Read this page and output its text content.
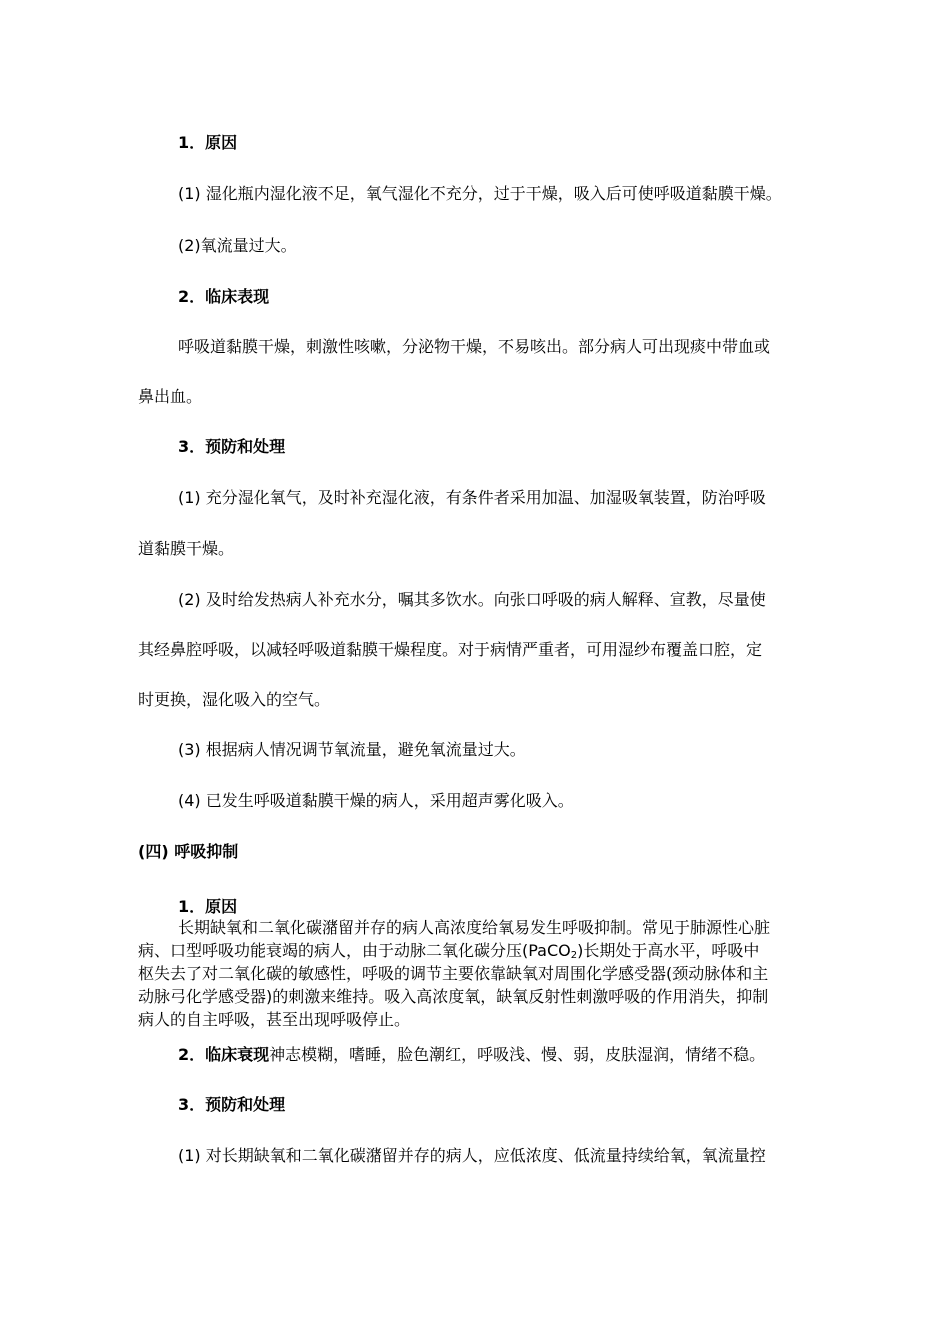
1．原因

(1) 湿化瓶内湿化液不足，氧气湿化不充分，过于干燥，吸入后可使呼吸道黏膜干燥。

(2)氧流量过大。

2．临床表现

呼吸道黏膜干燥，刺激性咳嗽，分泌物干燥，不易咳出。部分病人可出现痰中带血或

鼻出血。

3．预防和处理

(1) 充分湿化氧气，及时补充湿化液，有条件者采用加温、加湿吸氧装置，防治呼吸

道黏膜干燥。

(2) 及时给发热病人补充水分，嘱其多饮水。向张口呼吸的病人解释、宣教，尽量使

其经鼻腔呼吸，以减轻呼吸道黏膜干燥程度。对于病情严重者，可用湿纱布覆盖口腔，定

时更换，湿化吸入的空气。

(3) 根据病人情况调节氧流量，避免氧流量过大。

(4) 已发生呼吸道黏膜干燥的病人，采用超声雾化吸入。

(四) 呼吸抑制

1．原因

长期缺氧和二氧化碳潴留并存的病人高浓度给氧易发生呼吸抑制。常见于肺源性心脏

病、口型呼吸功能衰竭的病人，由于动脉二氧化碳分压(PaCO$_2$)长期处于高水平，呼吸中

枢失去了对二氧化碳的敏感性，呼吸的调节主要依靠缺氧对周围化学感受器(颈动脉体和主

动脉弓化学感受器)的刺激来维持。吸入高浓度氧，缺氧反射性刺激呼吸的作用消失，抑制

病人的自主呼吸，甚至出现呼吸停止。

2．临床衰现神志模糊，嗜睡，脸色潮红，呼吸浅、慢、弱，皮肤湿润，情绪不稳。

3．预防和处理

(1) 对长期缺氧和二氧化碳潴留并存的病人，应低浓度、低流量持续给氧，氧流量控
